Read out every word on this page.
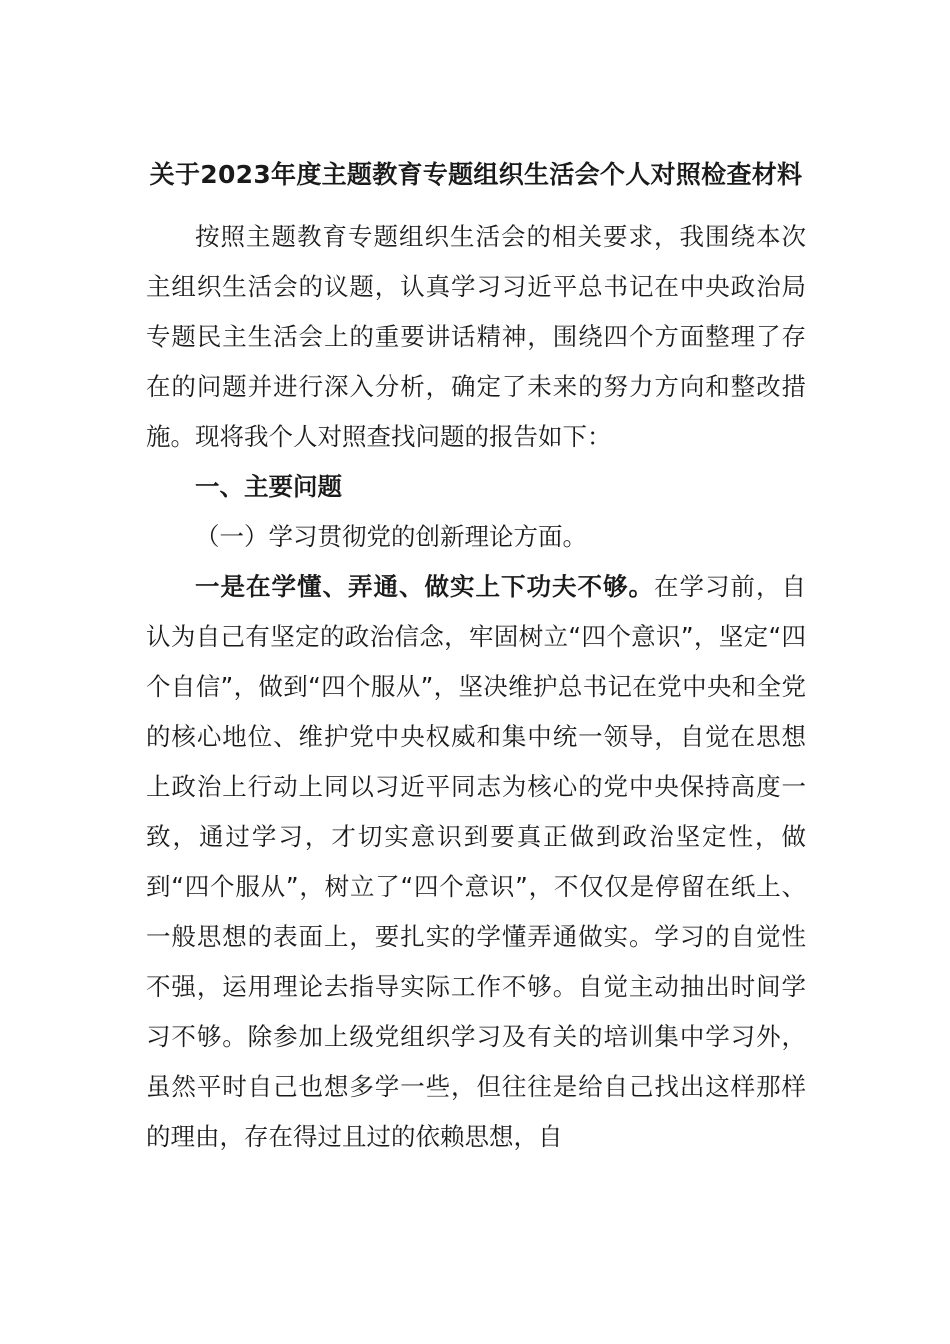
关于2023年度主题教育专题组织生活会个人对照检查材料

按照主题教育专题组织生活会的相关要求，我围绕本次主组织生活会的议题，认真学习习近平总书记在中央政治局专题民主生活会上的重要讲话精神，围绕四个方面整理了存在的问题并进行深入分析，确定了未来的努力方向和整改措施。现将我个人对照查找问题的报告如下：

一、主要问题

（一）学习贯彻党的创新理论方面。

一是在学懂、弄通、做实上下功夫不够。在学习前，自认为自己有坚定的政治信念，牢固树立“四个意识”，坚定“四个自信”，做到“四个服从”，坚决维护总书记在党中央和全党的核心地位、维护党中央权威和集中统一领导，自觉在思想上政治上行动上同以习近平同志为核心的党中央保持高度一致，通过学习，才切实意识到要真正做到政治坚定性，做到“四个服从”，树立了“四个意识”，不仅仅是停留在纸上、一般思想的表面上，要扎实的学懂弄通做实。学习的自觉性不强，运用理论去指导实际工作不够。自觉主动抽出时间学习不够。除参加上级党组织学习及有关的培训集中学习外，虽然平时自己也想多学一些，但往往是给自己找出这样那样的理由，存在得过且过的依赖思想，自
